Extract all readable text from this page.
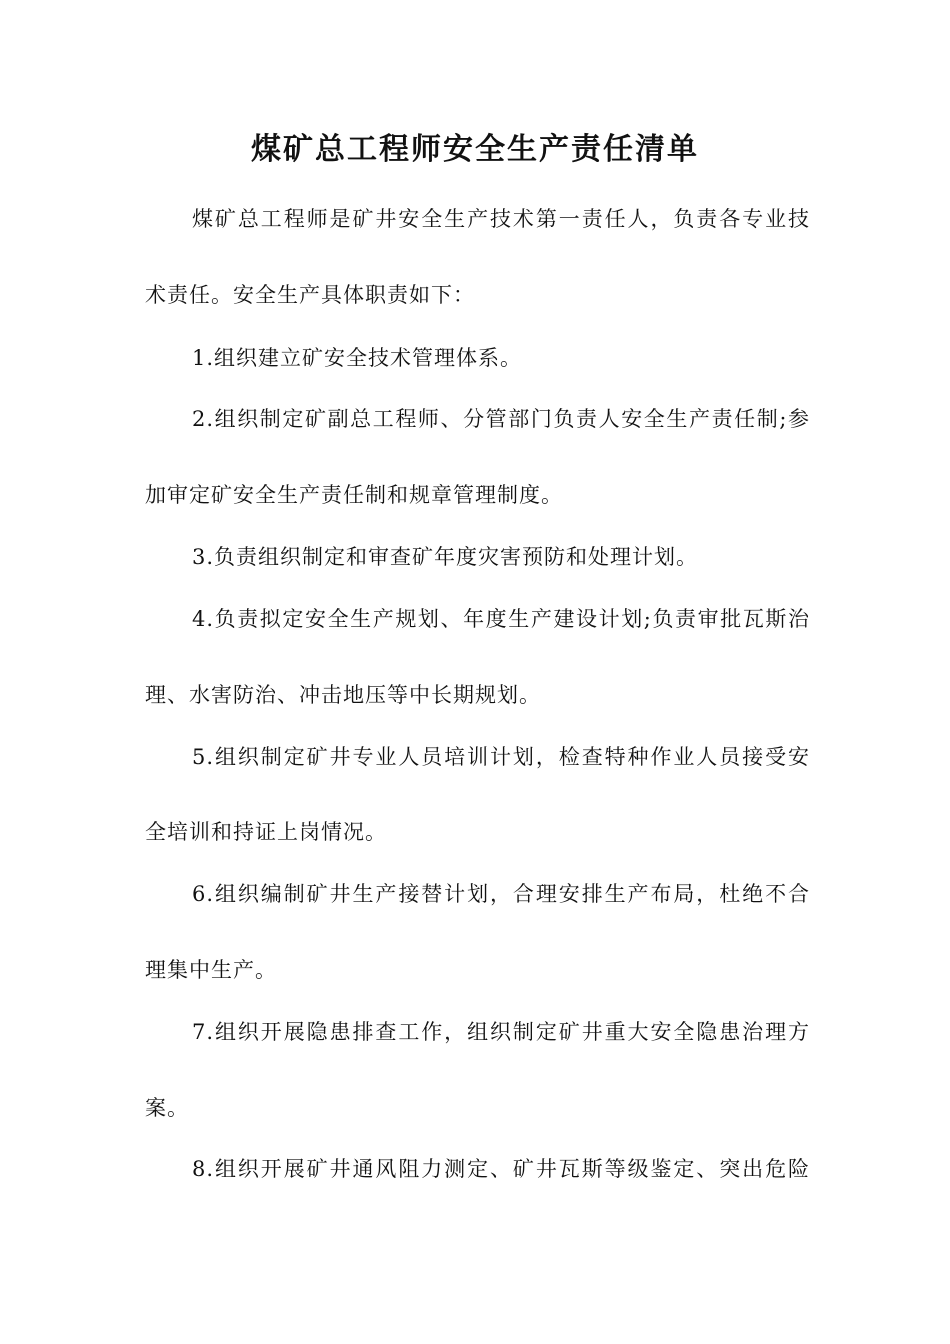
煤矿总工程师安全生产责任清单
煤矿总工程师是矿井安全生产技术第一责任人，负责各专业技
术责任。安全生产具体职责如下：
1.组织建立矿安全技术管理体系。
2.组织制定矿副总工程师、分管部门负责人安全生产责任制;参
加审定矿安全生产责任制和规章管理制度。
3.负责组织制定和审查矿年度灾害预防和处理计划。
4.负责拟定安全生产规划、年度生产建设计划;负责审批瓦斯治
理、水害防治、冲击地压等中长期规划。
5.组织制定矿井专业人员培训计划，检查特种作业人员接受安
全培训和持证上岗情况。
6.组织编制矿井生产接替计划，合理安排生产布局，杜绝不合
理集中生产。
7.组织开展隐患排查工作，组织制定矿井重大安全隐患治理方
案。
8.组织开展矿井通风阻力测定、矿井瓦斯等级鉴定、突出危险
